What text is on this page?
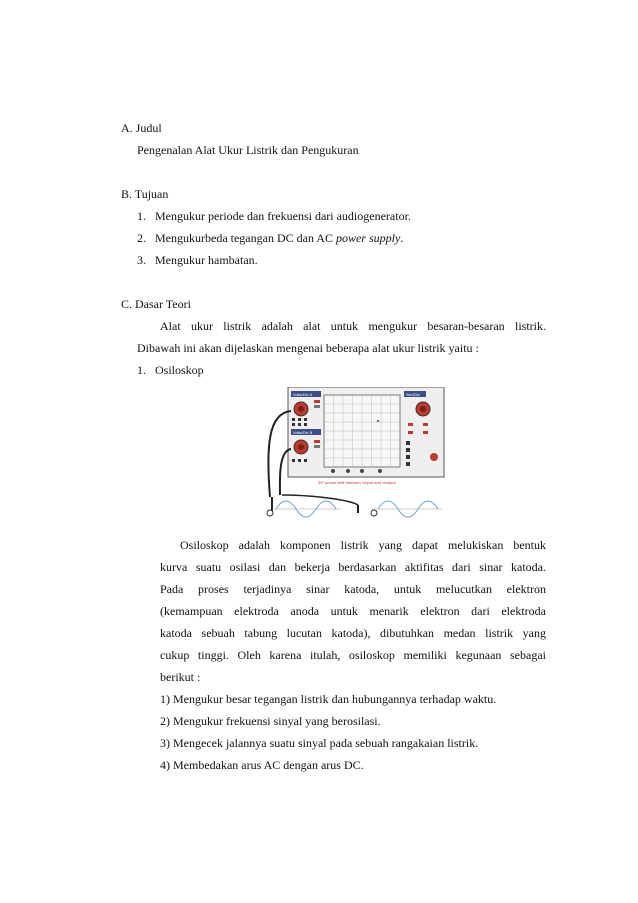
A. Judul
Pengenalan Alat Ukur Listrik dan Pengukuran
B. Tujuan
1. Mengukur periode dan frekuensi dari audiogenerator.
2. Mengukurbeda tegangan DC dan AC power supply.
3. Mengukur hambatan.
C. Dasar Teori
Alat ukur listrik adalah alat untuk mengukur besaran-besaran listrik.
Dibawah ini akan dijelaskan mengenai beberapa alat ukur listrik yaitu :
1. Osiloskop
Volts/Div A
Volts/Div B
Sec/Div
90° phase shift between Vinput and Voutput
Osiloskop adalah komponen listrik yang dapat melukiskan bentuk
kurva suatu osilasi dan bekerja berdasarkan aktifitas dari sinar katoda.
Pada proses terjadinya sinar katoda, untuk melucutkan elektron
(kemampuan elektroda anoda untuk menarik elektron dari elektroda
katoda sebuah tabung lucutan katoda), dibutuhkan medan listrik yang
cukup tinggi. Oleh karena itulah, osiloskop memiliki kegunaan sebagai
berikut :
1) Mengukur besar tegangan listrik dan hubungannya terhadap waktu.
2) Mengukur frekuensi sinyal yang berosilasi.
3) Mengecek jalannya suatu sinyal pada sebuah rangakaian listrik.
4) Membedakan arus AC dengan arus DC.
